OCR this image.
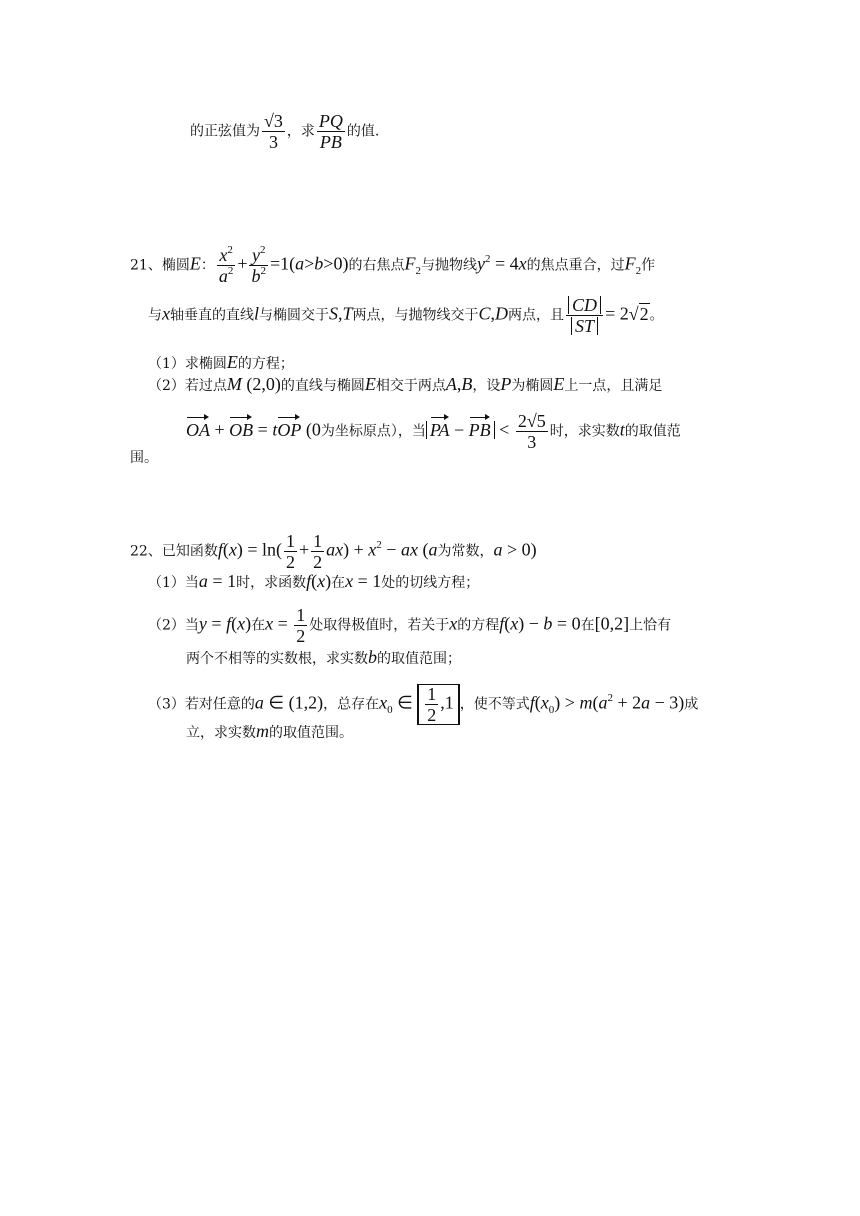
的正弦值为 $\frac{√3}{3}$ ，求 $\frac{PQ}{PB}$ 的值.
21、椭圆E： $\frac{x^2}{a^2} + \frac{y^2}{b^2} =1(a>b>0)$的右焦点$F_2$与抛物线$y^2 = 4x$的焦点重合，过$F_2$作
与x轴垂直的直线l与椭圆交于S,T两点，与抛物线交于C,D两点，且 $\frac{CD}{ST} = 2√2$。
（1）求椭圆E的方程；
（2）若过点M (2,0)的直线与椭圆E相交于两点A,B，设P为椭圆E上一点，且满足
OA + OB = tOP (0为坐标原点），当 PA − PB < $\frac{2√5}{3}$ 时，求实数t的取值范
围。
22、已知函数$f(x) = \ln( \frac{1}{2} + \frac{1}{2} ax) + x^2$ − ax (a为常数，a > 0)
（1）当a = 1时，求函数f(x)在x = 1处的切线方程；
（2）当y = f(x)在$x = \frac{1}{2}$ 处取得极值时，若关于x的方程f(x) − b = 0在[0,2]上恰有
两个不相等的实数根，求实数b的取值范围；
（3）若对任意的a ∈ (1,2)，总存在$x_0$ ∈ $\frac{1}{2} ,1$ ，使不等式$f(x_0) > m(a^2 + 2a - 3)$成
立，求实数m的取值范围。
